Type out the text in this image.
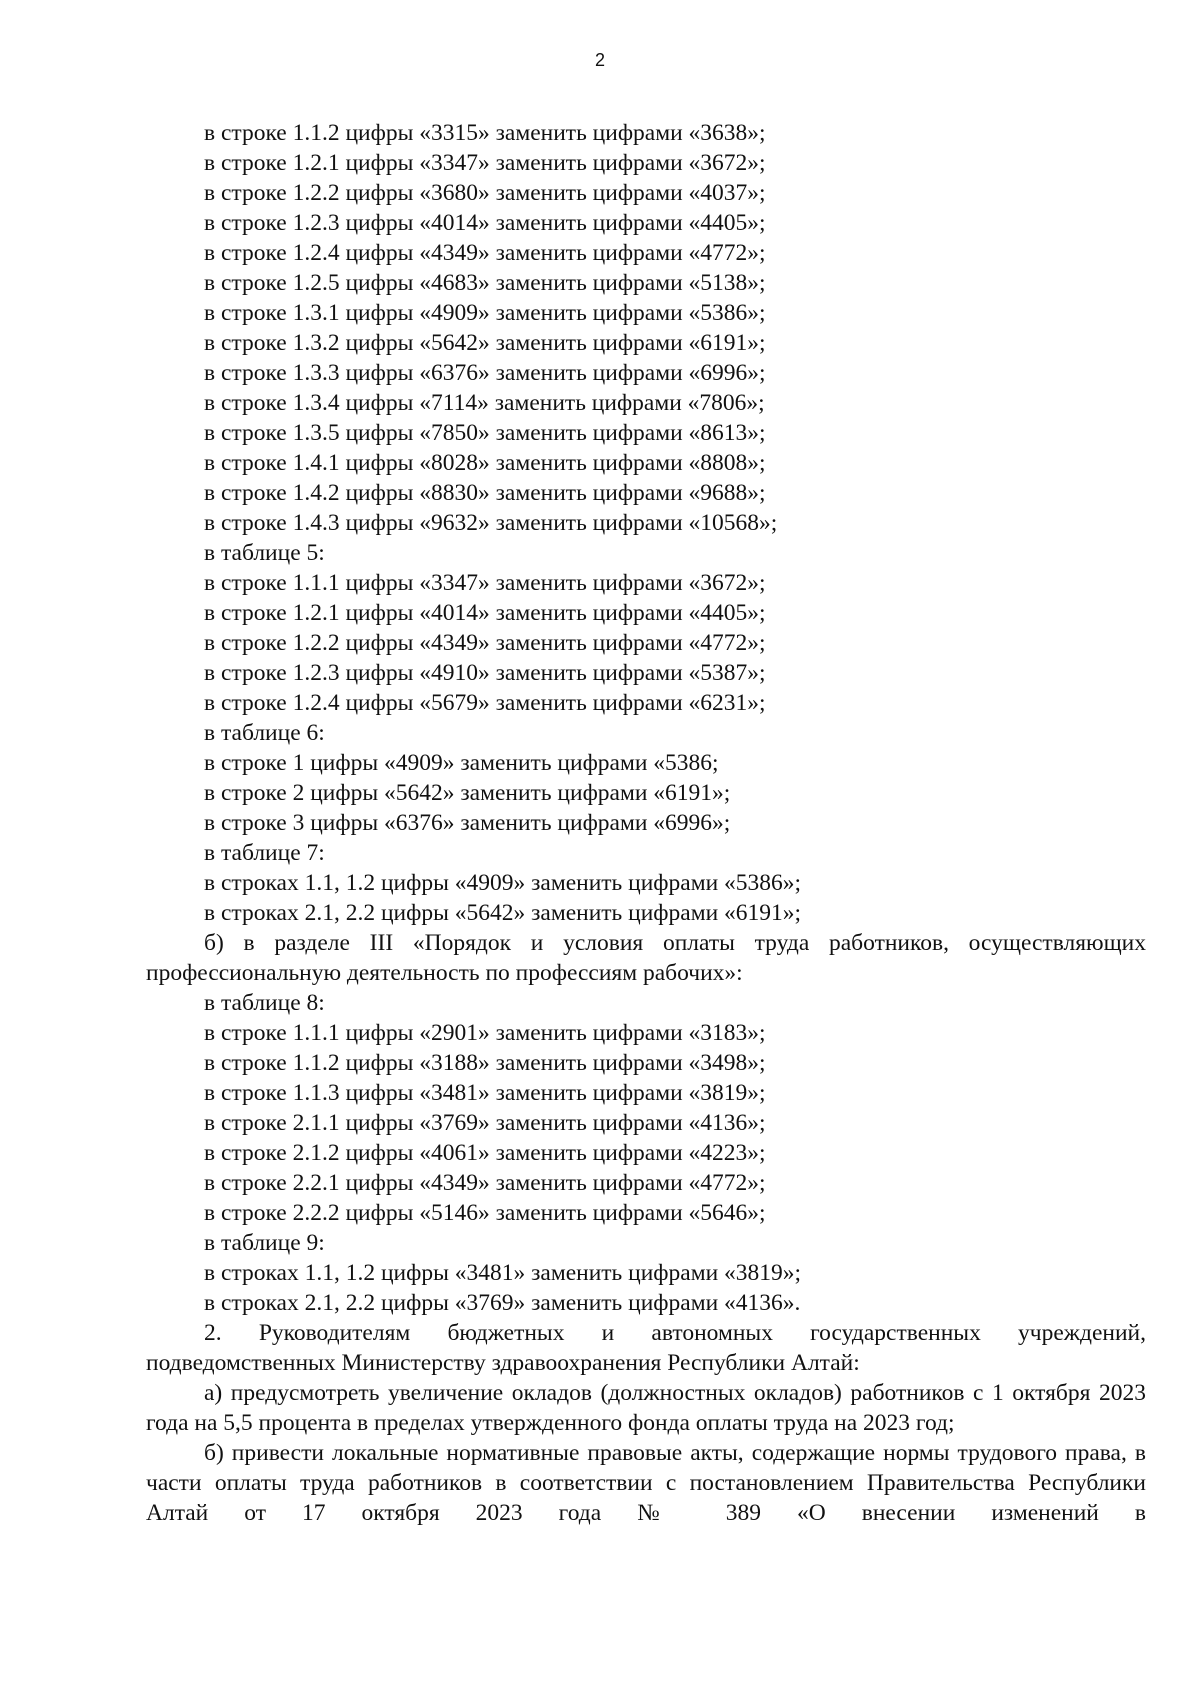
2
в строке 1.1.2 цифры «3315» заменить цифрами «3638»;
в строке 1.2.1 цифры «3347» заменить цифрами «3672»;
в строке 1.2.2 цифры «3680» заменить цифрами «4037»;
в строке 1.2.3 цифры «4014» заменить цифрами «4405»;
в строке 1.2.4 цифры «4349» заменить цифрами «4772»;
в строке 1.2.5 цифры «4683» заменить цифрами «5138»;
в строке 1.3.1 цифры «4909» заменить цифрами «5386»;
в строке 1.3.2 цифры «5642» заменить цифрами «6191»;
в строке 1.3.3 цифры «6376» заменить цифрами «6996»;
в строке 1.3.4 цифры «7114» заменить цифрами «7806»;
в строке 1.3.5 цифры «7850» заменить цифрами «8613»;
в строке 1.4.1 цифры «8028» заменить цифрами «8808»;
в строке 1.4.2 цифры «8830» заменить цифрами «9688»;
в строке 1.4.3 цифры «9632» заменить цифрами «10568»;
в таблице 5:
в строке 1.1.1 цифры «3347» заменить цифрами «3672»;
в строке 1.2.1 цифры «4014» заменить цифрами «4405»;
в строке 1.2.2 цифры «4349» заменить цифрами «4772»;
в строке 1.2.3 цифры «4910» заменить цифрами «5387»;
в строке 1.2.4 цифры «5679» заменить цифрами «6231»;
в таблице 6:
в строке 1 цифры «4909» заменить цифрами «5386;
в строке 2 цифры «5642» заменить цифрами «6191»;
в строке 3 цифры «6376» заменить цифрами «6996»;
в таблице 7:
в строках 1.1, 1.2 цифры «4909» заменить цифрами «5386»;
в строках 2.1, 2.2 цифры «5642» заменить цифрами «6191»;
б) в разделе III «Порядок и условия оплаты труда работников, осуществляющих профессиональную деятельность по профессиям рабочих»:
в таблице 8:
в строке 1.1.1 цифры «2901» заменить цифрами «3183»;
в строке 1.1.2 цифры «3188» заменить цифрами «3498»;
в строке 1.1.3 цифры «3481» заменить цифрами «3819»;
в строке 2.1.1 цифры «3769» заменить цифрами «4136»;
в строке 2.1.2 цифры «4061» заменить цифрами «4223»;
в строке 2.2.1 цифры «4349» заменить цифрами «4772»;
в строке 2.2.2 цифры «5146» заменить цифрами «5646»;
в таблице 9:
в строках 1.1, 1.2 цифры «3481» заменить цифрами «3819»;
в строках 2.1, 2.2 цифры «3769» заменить цифрами «4136».
2. Руководителям бюджетных и автономных государственных учреждений, подведомственных Министерству здравоохранения Республики Алтай:
а) предусмотреть увеличение окладов (должностных окладов) работников с 1 октября 2023 года на 5,5 процента в пределах утвержденного фонда оплаты труда на 2023 год;
б) привести локальные нормативные правовые акты, содержащие нормы трудового права, в части оплаты труда работников в соответствии с постановлением Правительства Республики Алтай от 17 октября 2023 года № 389 «О внесении изменений в
